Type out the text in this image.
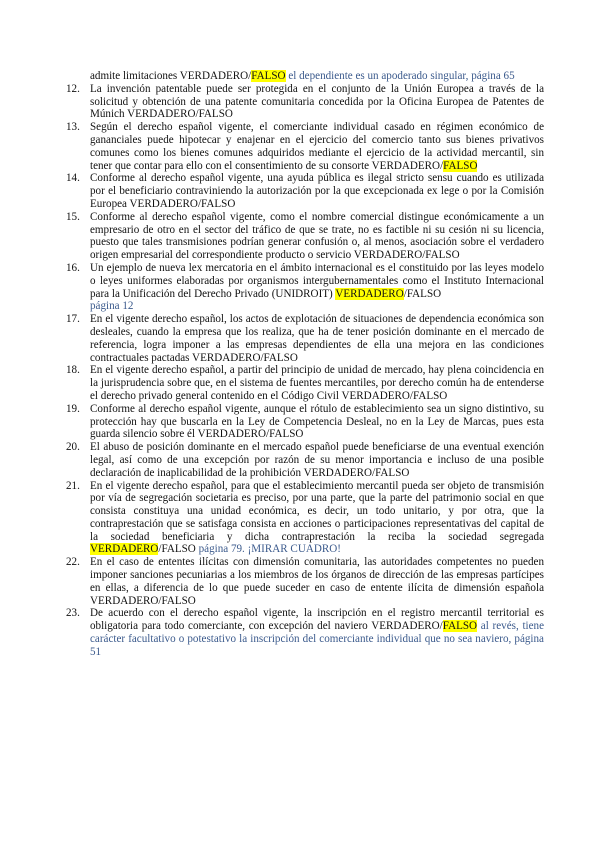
admite limitaciones VERDADERO/FALSO el dependiente es un apoderado singular, página 65
12. La invención patentable puede ser protegida en el conjunto de la Unión Europea a través de la solicitud y obtención de una patente comunitaria concedida por la Oficina Europea de Patentes de Múnich VERDADERO/FALSO
13. Según el derecho español vigente, el comerciante individual casado en régimen económico de gananciales puede hipotecar y enajenar en el ejercicio del comercio tanto sus bienes privativos comunes como los bienes comunes adquiridos mediante el ejercicio de la actividad mercantil, sin tener que contar para ello con el consentimiento de su consorte VERDADERO/FALSO
14. Conforme al derecho español vigente, una ayuda pública es ilegal stricto sensu cuando es utilizada por el beneficiario contraviniendo la autorización por la que excepcionada ex lege o por la Comisión Europea VERDADERO/FALSO
15. Conforme al derecho español vigente, como el nombre comercial distingue económicamente a un empresario de otro en el sector del tráfico de que se trate, no es factible ni su cesión ni su licencia, puesto que tales transmisiones podrían generar confusión o, al menos, asociación sobre el verdadero origen empresarial del correspondiente producto o servicio VERDADERO/FALSO
16. Un ejemplo de nueva lex mercatoria en el ámbito internacional es el constituido por las leyes modelo o leyes uniformes elaboradas por organismos intergubernamentales como el Instituto Internacional para la Unificación del Derecho Privado (UNIDROIT) VERDADERO/FALSO
página 12
17. En el vigente derecho español, los actos de explotación de situaciones de dependencia económica son desleales, cuando la empresa que los realiza, que ha de tener posición dominante en el mercado de referencia, logra imponer a las empresas dependientes de ella una mejora en las condiciones contractuales pactadas VERDADERO/FALSO
18. En el vigente derecho español, a partir del principio de unidad de mercado, hay plena coincidencia en la jurisprudencia sobre que, en el sistema de fuentes mercantiles, por derecho común ha de entenderse el derecho privado general contenido en el Código Civil VERDADERO/FALSO
19. Conforme al derecho español vigente, aunque el rótulo de establecimiento sea un signo distintivo, su protección hay que buscarla en la Ley de Competencia Desleal, no en la Ley de Marcas, pues esta guarda silencio sobre él VERDADERO/FALSO
20. El abuso de posición dominante en el mercado español puede beneficiarse de una eventual exención legal, así como de una excepción por razón de su menor importancia e incluso de una posible declaración de inaplicabilidad de la prohibición VERDADERO/FALSO
21. En el vigente derecho español, para que el establecimiento mercantil pueda ser objeto de transmisión por vía de segregación societaria es preciso, por una parte, que la parte del patrimonio social en que consista constituya una unidad económica, es decir, un todo unitario, y por otra, que la contraprestación que se satisfaga consista en acciones o participaciones representativas del capital de la sociedad beneficiaria y dicha contraprestación la reciba la sociedad segregada VERDADERO/FALSO página 79. ¡MIRAR CUADRO!
22. En el caso de ententes ilícitas con dimensión comunitaria, las autoridades competentes no pueden imponer sanciones pecuniarias a los miembros de los órganos de dirección de las empresas partícipes en ellas, a diferencia de lo que puede suceder en caso de entente ilícita de dimensión española VERDADERO/FALSO
23. De acuerdo con el derecho español vigente, la inscripción en el registro mercantil territorial es obligatoria para todo comerciante, con excepción del naviero VERDADERO/FALSO al revés, tiene carácter facultativo o potestativo la inscripción del comerciante individual que no sea naviero, página 51
